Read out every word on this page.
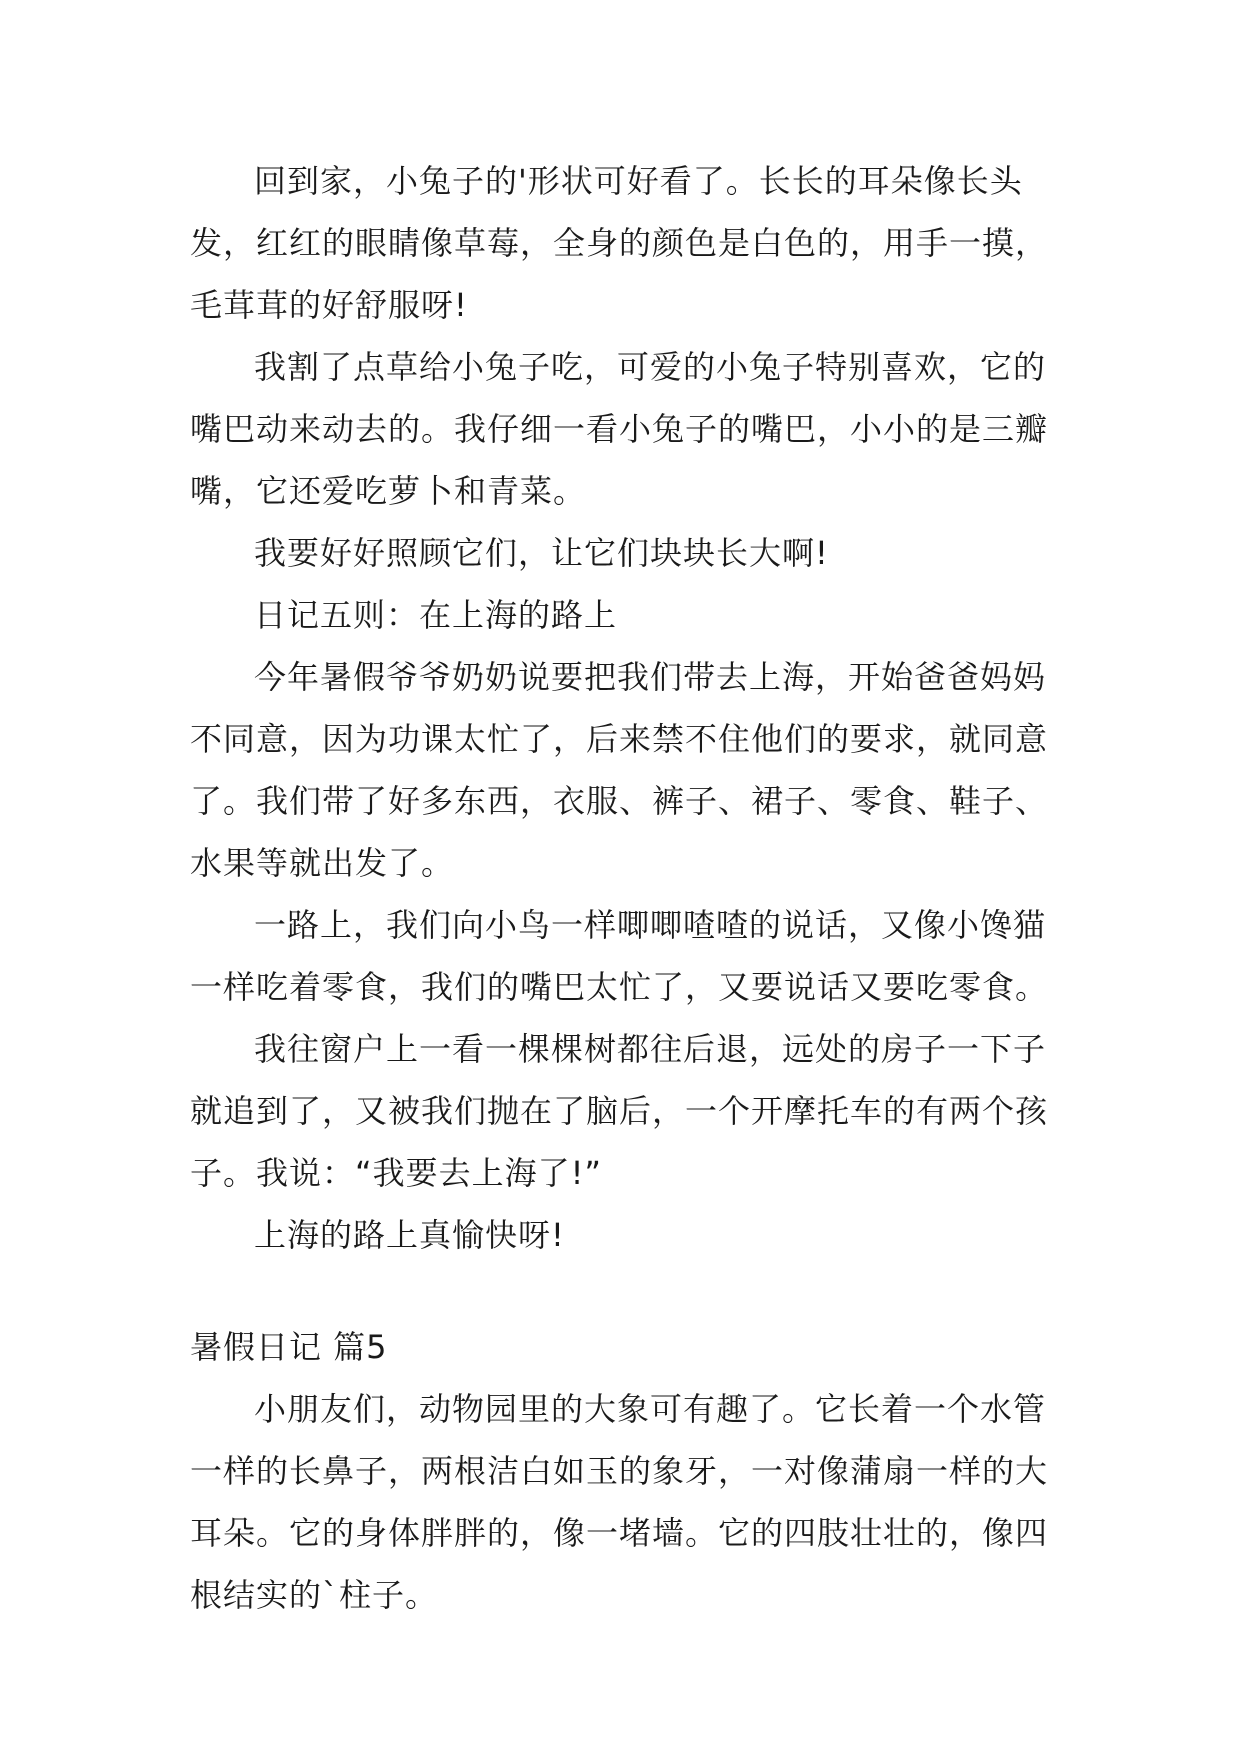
回到家，小兔子的'形状可好看了。长长的耳朵像长头发，红红的眼睛像草莓，全身的颜色是白色的，用手一摸，毛茸茸的好舒服呀!

我割了点草给小兔子吃，可爱的小兔子特别喜欢，它的嘴巴动来动去的。我仔细一看小兔子的嘴巴，小小的是三瓣嘴，它还爱吃萝卜和青菜。

我要好好照顾它们，让它们块块长大啊!

日记五则：在上海的路上

今年暑假爷爷奶奶说要把我们带去上海，开始爸爸妈妈不同意，因为功课太忙了，后来禁不住他们的要求，就同意了。我们带了好多东西，衣服、裤子、裙子、零食、鞋子、水果等就出发了。

一路上，我们向小鸟一样唧唧喳喳的说话，又像小馋猫一样吃着零食，我们的嘴巴太忙了，又要说话又要吃零食。

我往窗户上一看一棵棵树都往后退，远处的房子一下子就追到了，又被我们抛在了脑后，一个开摩托车的有两个孩子。我说：“我要去上海了!”

上海的路上真愉快呀!

暑假日记 篇5

小朋友们，动物园里的大象可有趣了。它长着一个水管一样的长鼻子，两根洁白如玉的象牙，一对像蒲扇一样的大耳朵。它的身体胖胖的，像一堵墙。它的四肢壮壮的，像四根结实的`柱子。
